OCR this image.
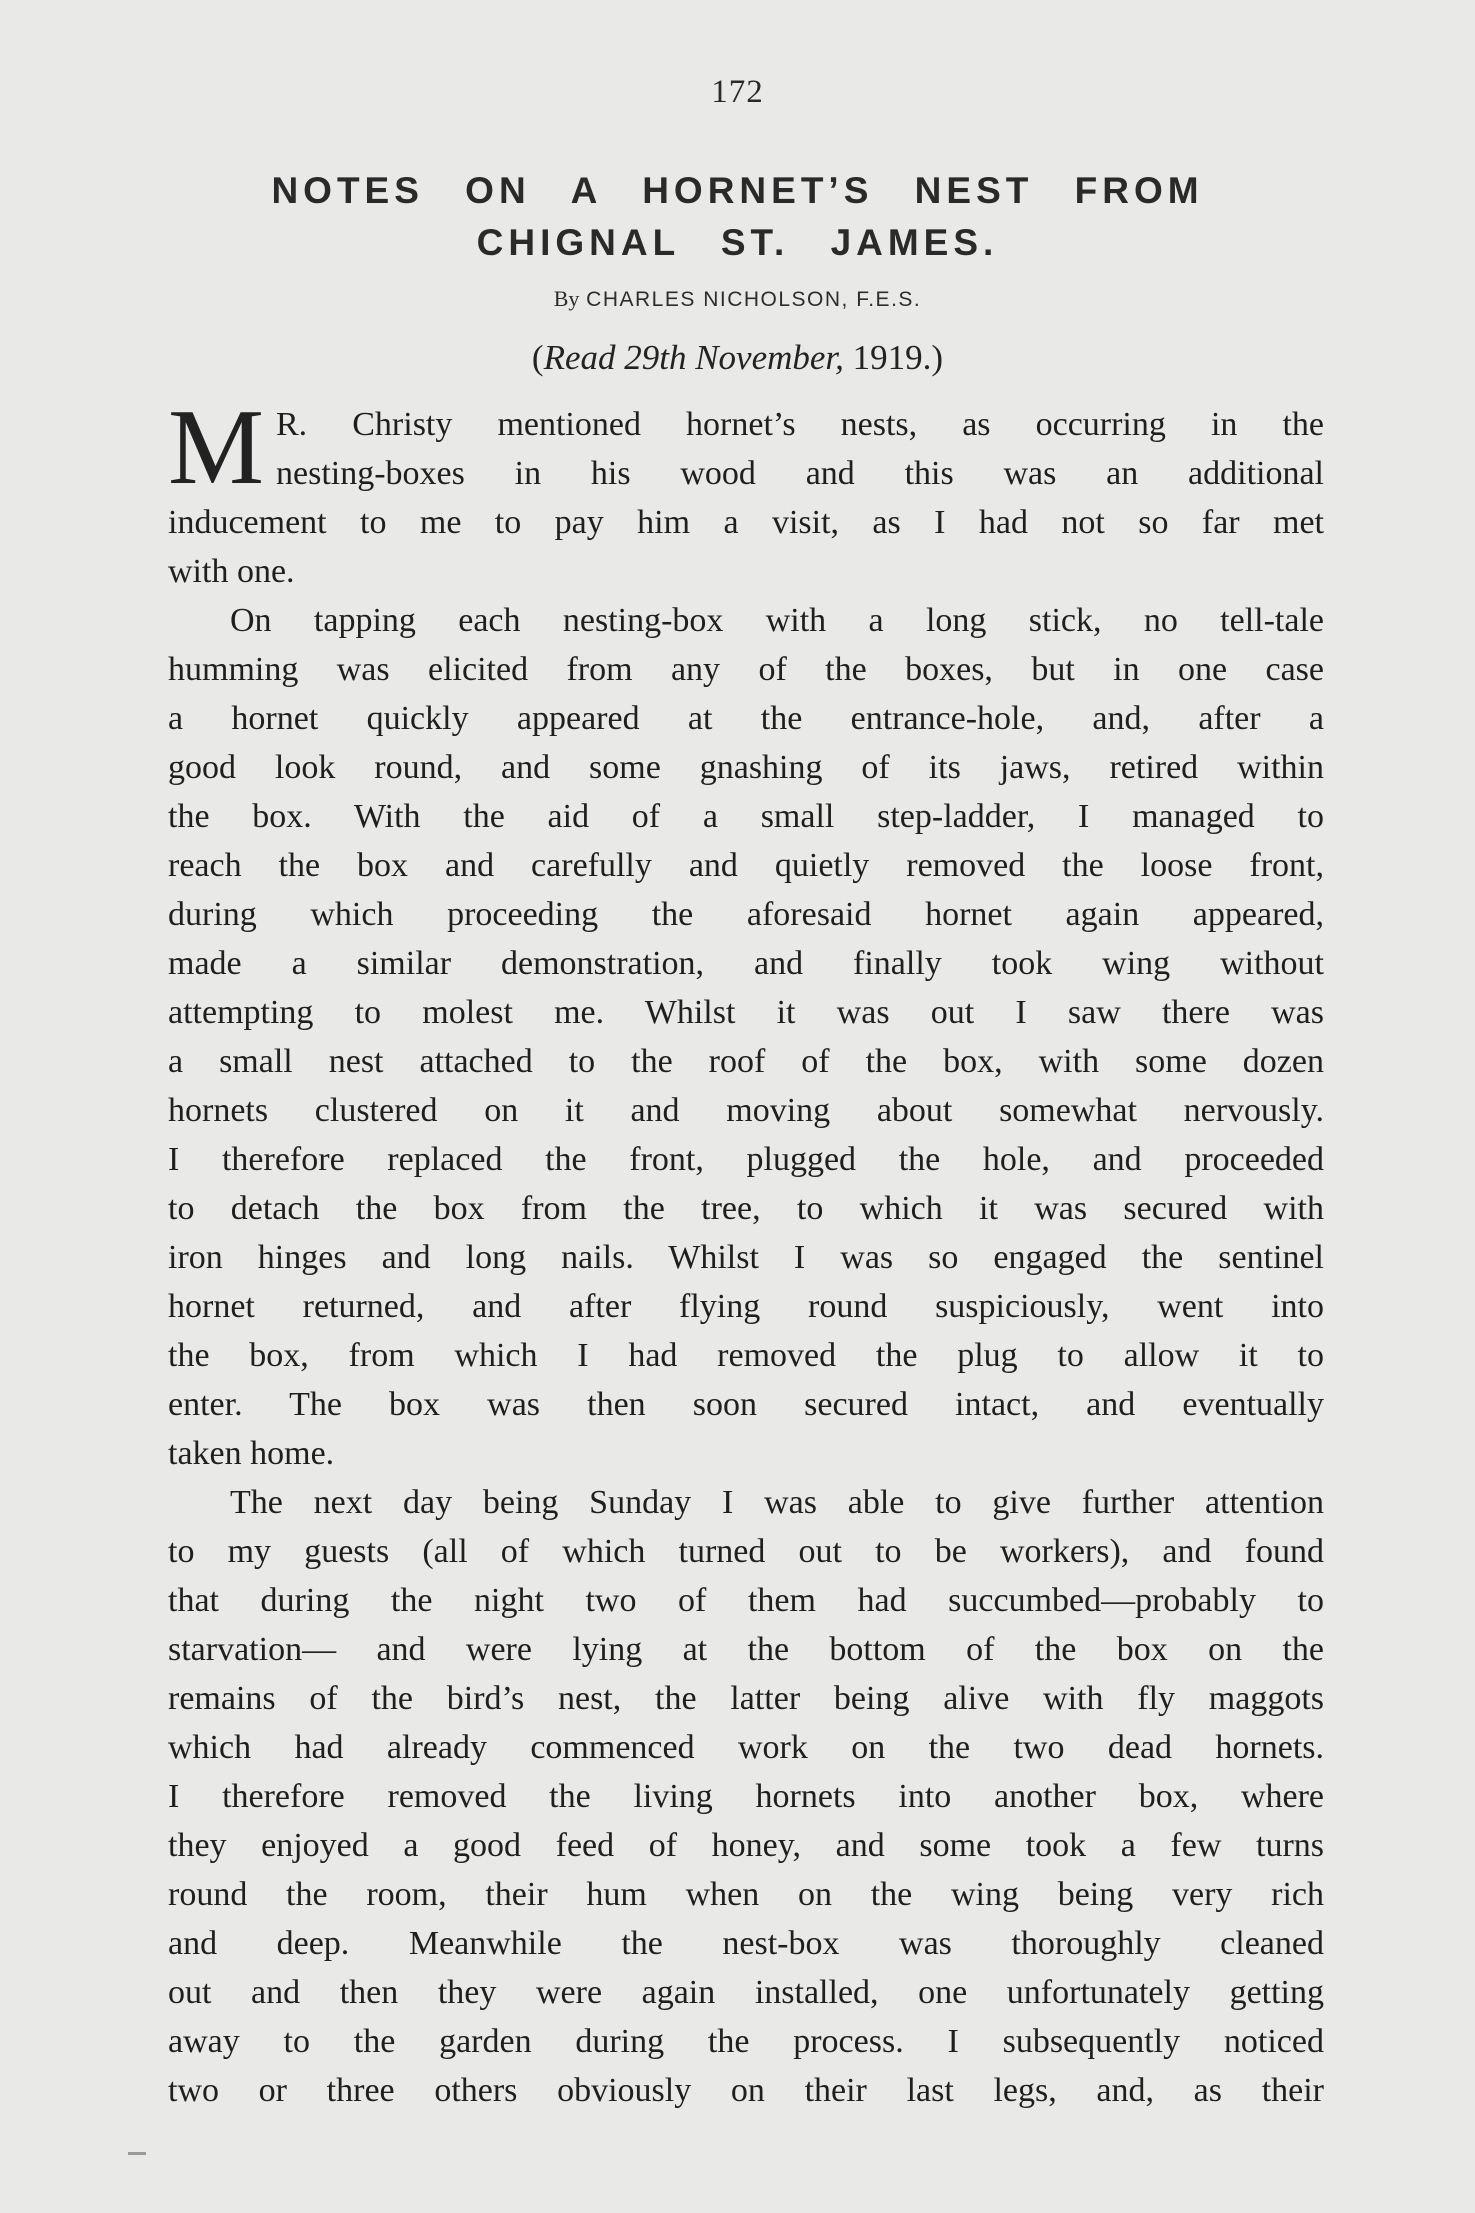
172
NOTES ON A HORNET’S NEST FROM
CHIGNAL ST. JAMES.
By CHARLES NICHOLSON, F.E.S.
(Read 29th November, 1919.)
M R. Christy mentioned hornet’s nests, as occurring in the
nesting-boxes in his wood and this was an additional
inducement to me to pay him a visit, as I had not so far met
with one.
On tapping each nesting-box with a long stick, no tell-tale
humming was elicited from any of the boxes, but in one case
a hornet quickly appeared at the entrance-hole, and, after a
good look round, and some gnashing of its jaws, retired within
the box. With the aid of a small step-ladder, I managed to
reach the box and carefully and quietly removed the loose front,
during which proceeding the aforesaid hornet again appeared,
made a similar demonstration, and finally took wing without
attempting to molest me. Whilst it was out I saw there was
a small nest attached to the roof of the box, with some dozen
hornets clustered on it and moving about somewhat nervously.
I therefore replaced the front, plugged the hole, and proceeded
to detach the box from the tree, to which it was secured with
iron hinges and long nails. Whilst I was so engaged the sentinel
hornet returned, and after flying round suspiciously, went into
the box, from which I had removed the plug to allow it to
enter. The box was then soon secured intact, and eventually
taken home.
The next day being Sunday I was able to give further attention
to my guests (all of which turned out to be workers), and found
that during the night two of them had succumbed—probably to
starvation— and were lying at the bottom of the box on the
remains of the bird’s nest, the latter being alive with fly maggots
which had already commenced work on the two dead hornets.
I therefore removed the living hornets into another box, where
they enjoyed a good feed of honey, and some took a few turns
round the room, their hum when on the wing being very rich
and deep. Meanwhile the nest-box was thoroughly cleaned
out and then they were again installed, one unfortunately getting
away to the garden during the process. I subsequently noticed
two or three others obviously on their last legs, and, as their
